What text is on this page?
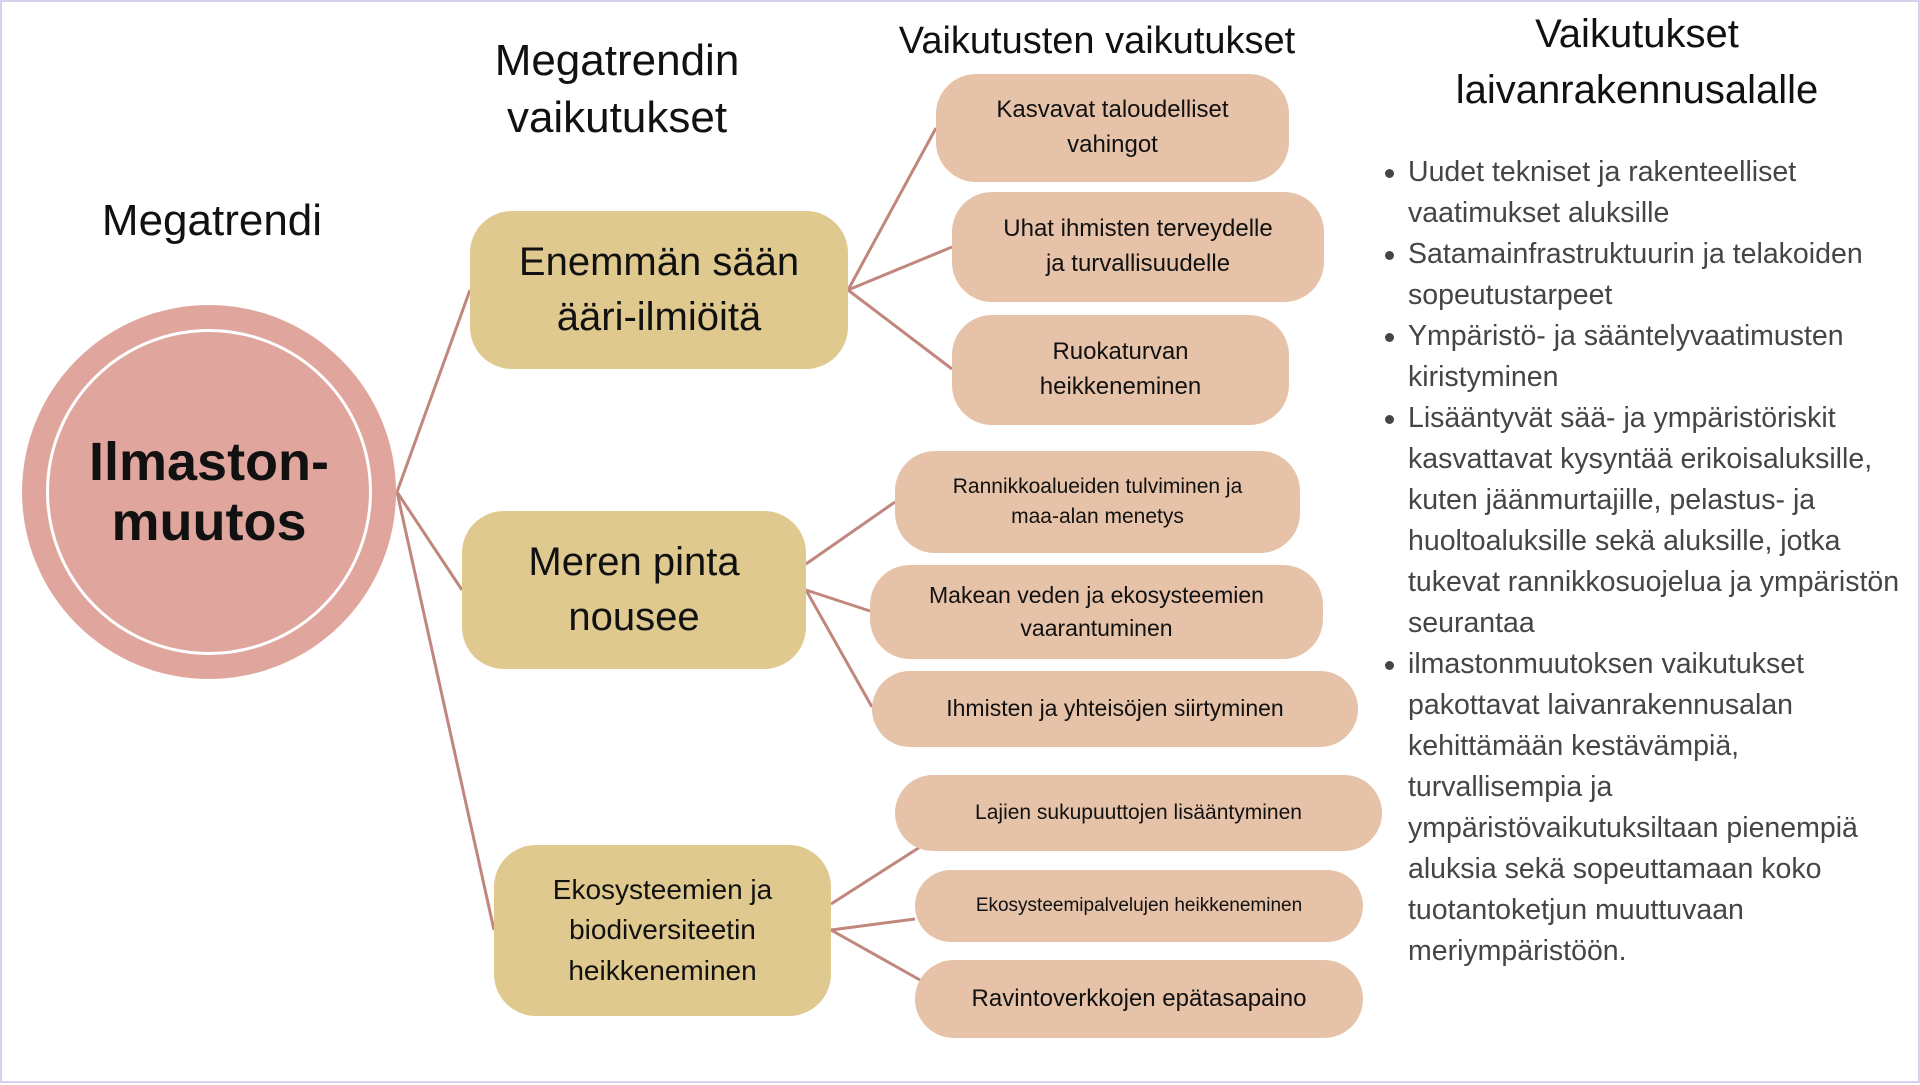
Megatrendi
Megatrendin
vaikutukset
Vaikutusten vaikutukset	Vaikutukset
laivanrakennusalalle
Ilmaston-
muutos
Enemmän sään
ääri-ilmiöitä
Meren pinta
nousee
Ekosysteemien ja
biodiversiteetin
heikkeneminen
Kasvavat taloudelliset
vahingot
Uhat ihmisten terveydelle
ja turvallisuudelle
Ruokaturvan
heikkeneminen
Rannikkoalueiden tulviminen ja
maa-alan menetys
Makean veden ja ekosysteemien
vaarantuminen
Ihmisten ja yhteisöjen siirtyminen
Lajien sukupuuttojen lisääntyminen
Ekosysteemipalvelujen heikkeneminen
Ravintoverkkojen epätasapaino
Uudet tekniset ja rakenteelliset vaatimukset aluksille
Satamainfrastruktuurin ja telakoiden sopeutustarpeet
Ympäristö- ja sääntelyvaatimusten kiristyminen
Lisääntyvät sää- ja ympäristöriskit kasvattavat kysyntää erikoisaluksille, kuten jäänmurtajille, pelastus- ja huoltoaluksille sekä aluksille, jotka tukevat rannikkosuojelua ja ympäristön seurantaa
ilmastonmuutoksen vaikutukset pakottavat laivanrakennusalan kehittämään kestävämpiä, turvallisempia ja ympäristövaikutuksiltaan pienempiä aluksia sekä sopeuttamaan koko tuotantoketjun muuttuvaan meriympäristöön.
